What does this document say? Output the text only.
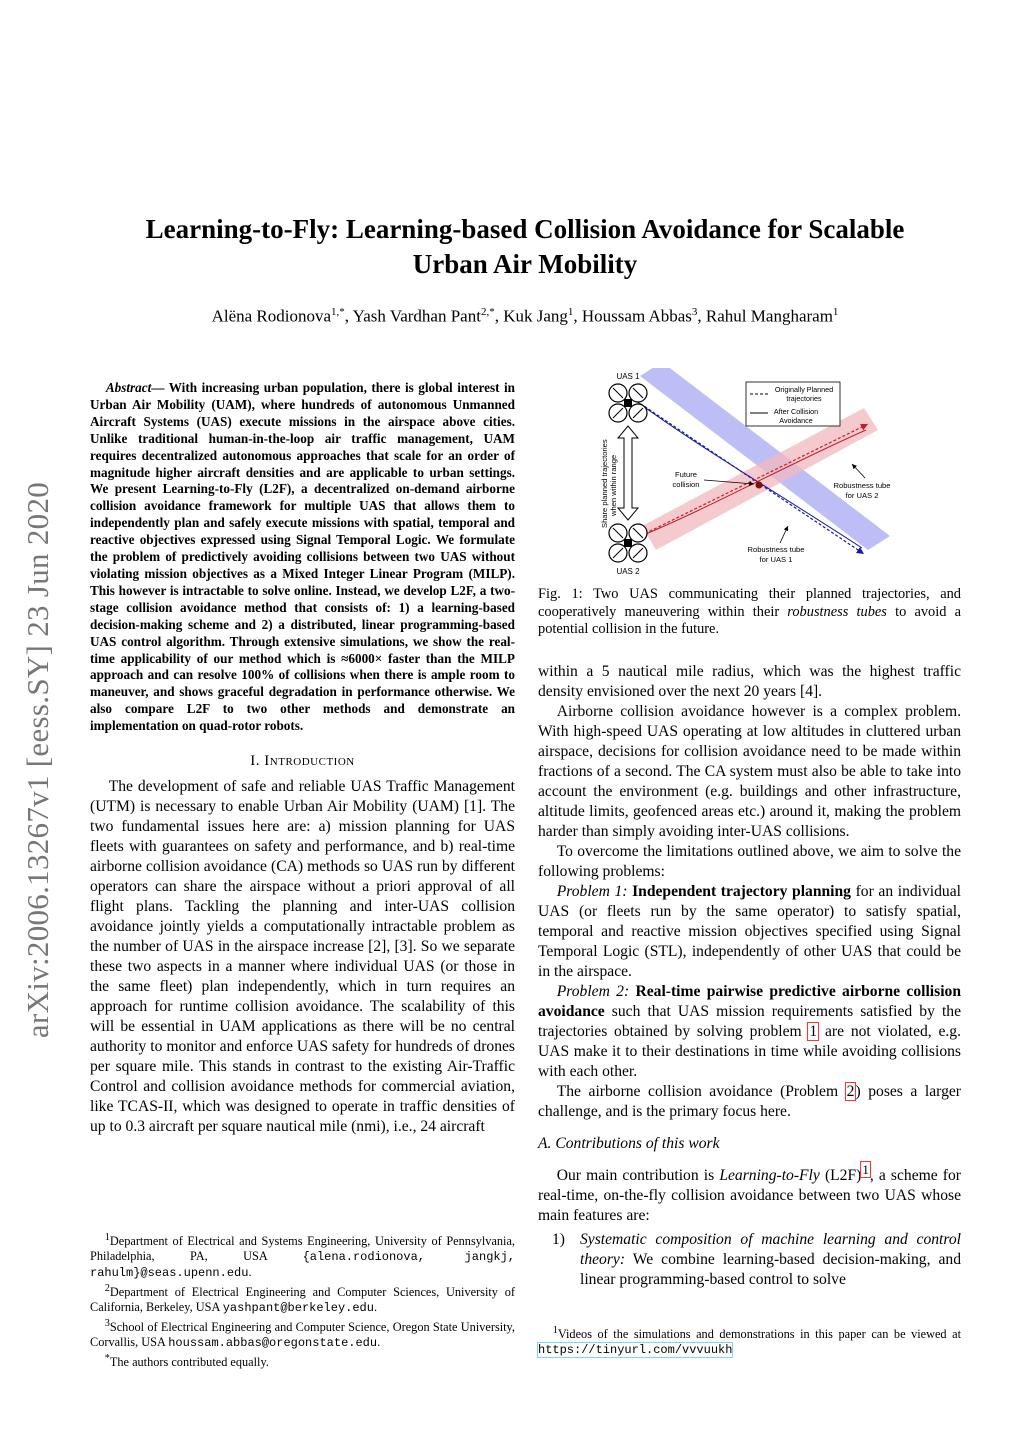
arXiv:2006.13267v1 [eess.SY] 23 Jun 2020
Learning-to-Fly: Learning-based Collision Avoidance for Scalable
Urban Air Mobility
Alëna Rodionova$^{1,*}$, Yash Vardhan Pant$^{2,*}$, Kuk Jang$^1$, Houssam Abbas$^3$, Rahul Mangharam$^1$

Abstract— With increasing urban population, there is global interest in Urban Air Mobility (UAM), where hundreds of autonomous Unmanned Aircraft Systems (UAS) execute missions in the airspace above cities. Unlike traditional human-in-the-loop air traffic management, UAM requires decentralized autonomous approaches that scale for an order of magnitude higher aircraft densities and are applicable to urban settings. We present Learning-to-Fly (L2F), a decentralized on-demand airborne collision avoidance framework for multiple UAS that allows them to independently plan and safely execute missions with spatial, temporal and reactive objectives expressed using Signal Temporal Logic. We formulate the problem of predictively avoiding collisions between two UAS without violating mission objectives as a Mixed Integer Linear Program (MILP). This however is intractable to solve online. Instead, we develop L2F, a two-stage collision avoidance method that consists of: 1) a learning-based decision-making scheme and 2) a distributed, linear programming-based UAS control algorithm. Through extensive simulations, we show the real-time applicability of our method which is ≈6000× faster than the MILP approach and can resolve 100% of collisions when there is ample room to maneuver, and shows graceful degradation in performance otherwise. We also compare L2F to two other methods and demonstrate an implementation on quad-rotor robots.

I. Introduction

The development of safe and reliable UAS Traffic Management (UTM) is necessary to enable Urban Air Mobility (UAM) [1]. The two fundamental issues here are: a) mission planning for UAS fleets with guarantees on safety and performance, and b) real-time airborne collision avoidance (CA) methods so UAS run by different operators can share the airspace without a priori approval of all flight plans. Tackling the planning and inter-UAS collision avoidance jointly yields a computationally intractable problem as the number of UAS in the airspace increase [2], [3]. So we separate these two aspects in a manner where individual UAS (or those in the same fleet) plan independently, which in turn requires an approach for runtime collision avoidance. The scalability of this will be essential in UAM applications as there will be no central authority to monitor and enforce UAS safety for hundreds of drones per square mile. This stands in contrast to the existing Air-Traffic Control and collision avoidance methods for commercial aviation, like TCAS-II, which was designed to operate in traffic densities of up to 0.3 aircraft per square nautical mile (nmi), i.e., 24 aircraft

$^1$Department of Electrical and Systems Engineering, University of Pennsylvania, Philadelphia, PA, USA {alena.rodionova, jangkj, rahulm}@seas.upenn.edu.

$^2$Department of Electrical Engineering and Computer Sciences, University of California, Berkeley, USA yashpant@berkeley.edu.

$^3$School of Electrical Engineering and Computer Science, Oregon State University, Corvallis, USA houssam.abbas@oregonstate.edu.

*The authors contributed equally.

UAS 1
UAS 2
Share planned trajectories when within range
Originally Planned
trajectories
After Collision
Avoidance
Future
collision	Robustness tube
for UAS 2
Robustness tube
for UAS 1
Fig. 1: Two UAS communicating their planned trajectories, and cooperatively maneuvering within their robustness tubes to avoid a potential collision in the future.

within a 5 nautical mile radius, which was the highest traffic density envisioned over the next 20 years [4].

Airborne collision avoidance however is a complex problem. With high-speed UAS operating at low altitudes in cluttered urban airspace, decisions for collision avoidance need to be made within fractions of a second. The CA system must also be able to take into account the environment (e.g. buildings and other infrastructure, altitude limits, geofenced areas etc.) around it, making the problem harder than simply avoiding inter-UAS collisions.

To overcome the limitations outlined above, we aim to solve the following problems:

Problem 1: Independent trajectory planning for an individual UAS (or fleets run by the same operator) to satisfy spatial, temporal and reactive mission objectives specified using Signal Temporal Logic (STL), independently of other UAS that could be in the airspace.

Problem 2: Real-time pairwise predictive airborne collision avoidance such that UAS mission requirements satisfied by the trajectories obtained by solving problem 1 are not violated, e.g. UAS make it to their destinations in time while avoiding collisions with each other.

The airborne collision avoidance (Problem 2) poses a larger challenge, and is the primary focus here.

A. Contributions of this work

Our main contribution is Learning-to-Fly (L2F)$^1$, a scheme for real-time, on-the-fly collision avoidance between two UAS whose main features are:

1) Systematic composition of machine learning and control theory: We combine learning-based decision-making, and linear programming-based control to solve

$^1$Videos of the simulations and demonstrations in this paper can be viewed at https://tinyurl.com/vvvuukh
